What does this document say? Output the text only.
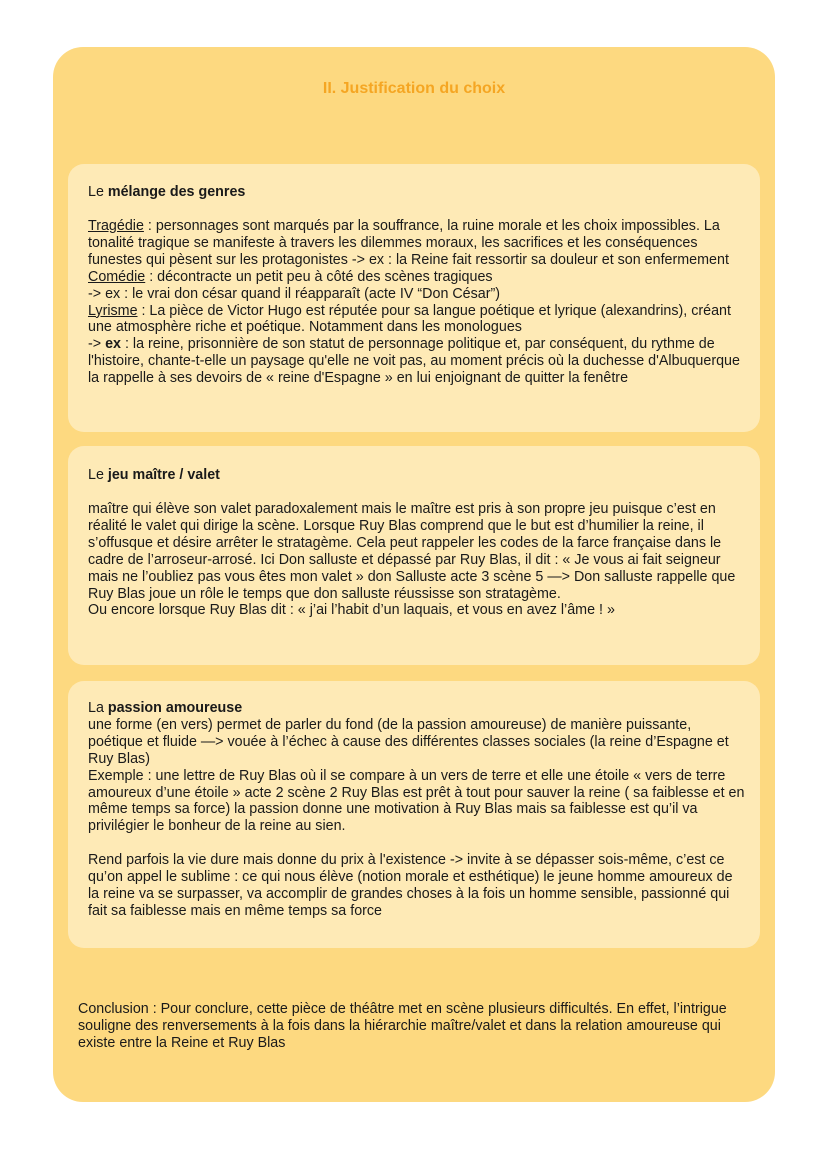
II. Justification du choix

Le mélange des genres

Tragédie : personnages sont marqués par la souffrance, la ruine morale et les choix impossibles. La tonalité tragique se manifeste à travers les dilemmes moraux, les sacrifices et les conséquences funestes qui pèsent sur les protagonistes -> ex : la Reine fait ressortir sa douleur et son enfermement

Comédie : décontracte un petit peu à côté des scènes tragiques

-> ex : le vrai don césar quand il réapparaît (acte IV “Don César”)

Lyrisme : La pièce de Victor Hugo est réputée pour sa langue poétique et lyrique (alexandrins), créant une atmosphère riche et poétique. Notamment dans les monologues

-> ex : la reine, prisonnière de son statut de personnage politique et, par conséquent, du rythme de l'histoire, chante-t-elle un paysage qu'elle ne voit pas, au moment précis où la duchesse d'Albuquerque la rappelle à ses devoirs de « reine d'Espagne » en lui enjoignant de quitter la fenêtre

Le jeu maître / valet

maître qui élève son valet paradoxalement mais le maître est pris à son propre jeu puisque c’est en réalité le valet qui dirige la scène. Lorsque Ruy Blas comprend que le but est d’humilier la reine, il s’offusque et désire arrêter le stratagème. Cela peut rappeler les codes de la farce française dans le cadre de l’arroseur-arrosé. Ici Don salluste et dépassé par Ruy Blas, il dit : « Je vous ai fait seigneur mais ne l’oubliez pas vous êtes mon valet » don Salluste acte 3 scène 5 —> Don salluste rappelle que Ruy Blas joue un rôle le temps que don salluste réussisse son stratagème.

Ou encore lorsque Ruy Blas dit : « j’ai l’habit d’un laquais, et vous en avez l’âme ! »

La passion amoureuse

une forme (en vers) permet de parler du fond (de la passion amoureuse) de manière puissante, poétique et fluide —> vouée à l’échec à cause des différentes classes sociales (la reine d’Espagne et Ruy Blas)

Exemple : une lettre de Ruy Blas où il se compare à un vers de terre et elle une étoile « vers de terre amoureux d’une étoile » acte 2 scène 2 Ruy Blas est prêt à tout pour sauver la reine ( sa faiblesse et en même temps sa force) la passion donne une motivation à Ruy Blas mais sa faiblesse est qu’il va privilégier le bonheur de la reine au sien.

Rend parfois la vie dure mais donne du prix à l'existence -> invite à se dépasser sois-même, c’est ce qu’on appel le sublime : ce qui nous élève (notion morale et esthétique) le jeune homme amoureux de la reine va se surpasser, va accomplir de grandes choses à la fois un homme sensible, passionné qui fait sa faiblesse mais en même temps sa force

Conclusion : Pour conclure, cette pièce de théâtre met en scène plusieurs difficultés. En effet, l’intrigue souligne des renversements à la fois dans la hiérarchie maître/valet et dans la relation amoureuse qui existe entre la Reine et Ruy Blas
